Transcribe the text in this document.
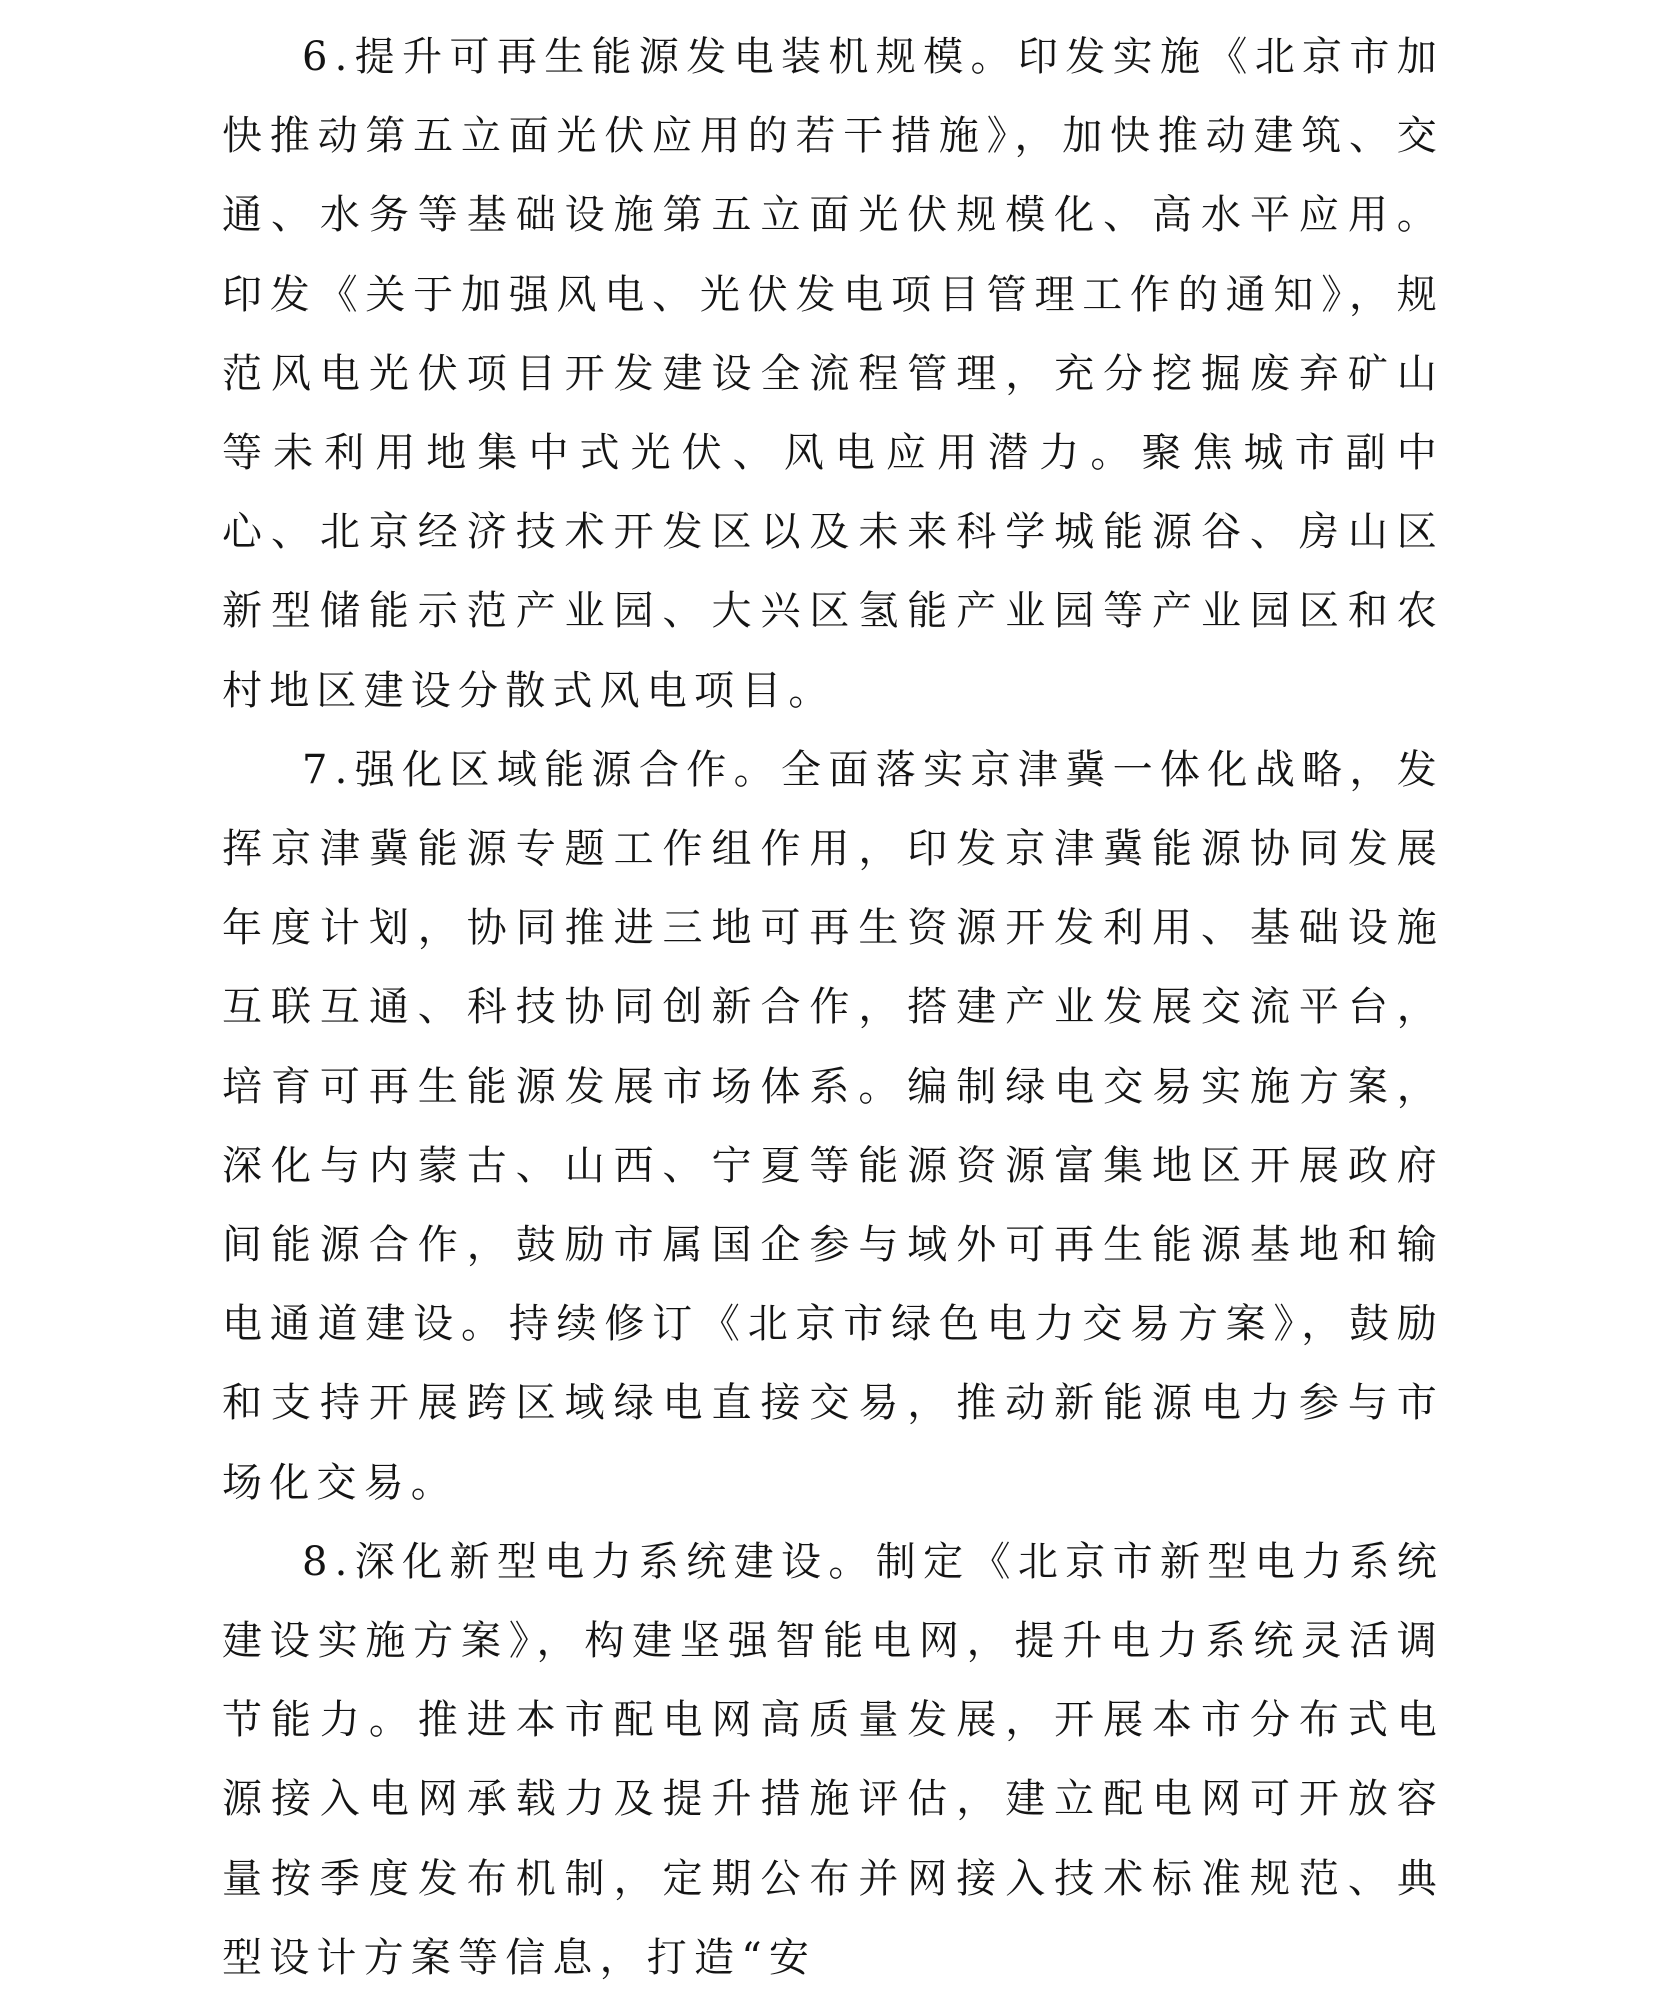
6.提升可再生能源发电装机规模。印发实施《北京市加快推动第五立面光伏应用的若干措施》，加快推动建筑、交通、水务等基础设施第五立面光伏规模化、高水平应用。印发《关于加强风电、光伏发电项目管理工作的通知》，规范风电光伏项目开发建设全流程管理，充分挖掘废弃矿山等未利用地集中式光伏、风电应用潜力。聚焦城市副中心、北京经济技术开发区以及未来科学城能源谷、房山区新型储能示范产业园、大兴区氢能产业园等产业园区和农村地区建设分散式风电项目。

7.强化区域能源合作。全面落实京津冀一体化战略，发挥京津冀能源专题工作组作用，印发京津冀能源协同发展年度计划，协同推进三地可再生资源开发利用、基础设施互联互通、科技协同创新合作，搭建产业发展交流平台，培育可再生能源发展市场体系。编制绿电交易实施方案，深化与内蒙古、山西、宁夏等能源资源富集地区开展政府间能源合作，鼓励市属国企参与域外可再生能源基地和输电通道建设。持续修订《北京市绿色电力交易方案》，鼓励和支持开展跨区域绿电直接交易，推动新能源电力参与市场化交易。

8.深化新型电力系统建设。制定《北京市新型电力系统建设实施方案》，构建坚强智能电网，提升电力系统灵活调节能力。推进本市配电网高质量发展，开展本市分布式电源接入电网承载力及提升措施评估，建立配电网可开放容量按季度发布机制，定期公布并网接入技术标准规范、典型设计方案等信息，打造“安
